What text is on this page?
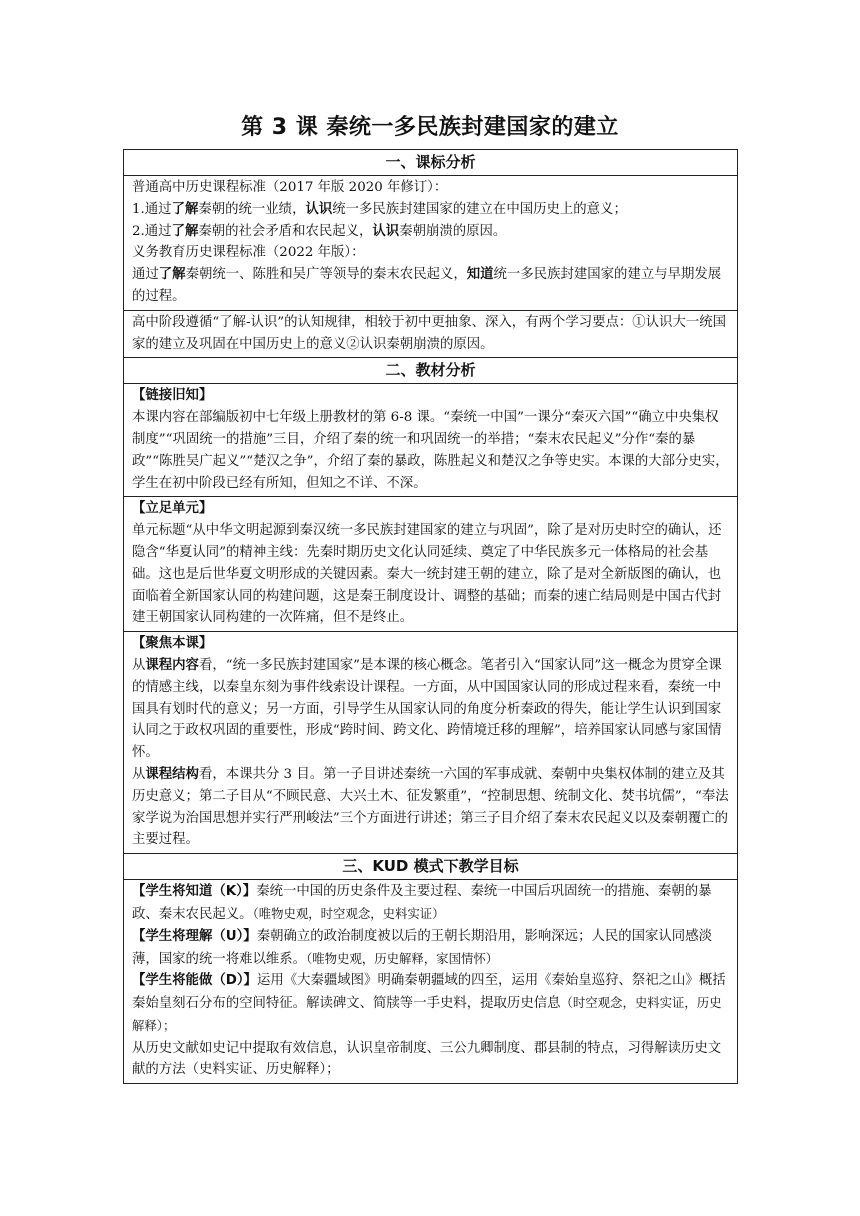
第 3 课 秦统一多民族封建国家的建立
一、课标分析

普通高中历史课程标准（2017 年版 2020 年修订）：

1.通过了解秦朝的统一业绩，认识统一多民族封建国家的建立在中国历史上的意义；

2.通过了解秦朝的社会矛盾和农民起义，认识秦朝崩溃的原因。

义务教育历史课程标准（2022 年版）：

通过了解秦朝统一、陈胜和吴广等领导的秦末农民起义，知道统一多民族封建国家的建立与早期发展的过程。

高中阶段遵循“了解-认识”的认知规律，相较于初中更抽象、深入，有两个学习要点：①认识大一统国家的建立及巩固在中国历史上的意义②认识秦朝崩溃的原因。
二、教材分析

【链接旧知】

本课内容在部编版初中七年级上册教材的第 6-8 课。“秦统一中国”一课分“秦灭六国”“确立中央集权制度”“巩固统一的措施”三目，介绍了秦的统一和巩固统一的举措；“秦末农民起义”分作“秦的暴政”“陈胜吴广起义”“楚汉之争”，介绍了秦的暴政，陈胜起义和楚汉之争等史实。本课的大部分史实，学生在初中阶段已经有所知，但知之不详、不深。

【立足单元】

单元标题“从中华文明起源到秦汉统一多民族封建国家的建立与巩固”，除了是对历史时空的确认，还隐含“华夏认同”的精神主线：先秦时期历史文化认同延续、奠定了中华民族多元一体格局的社会基础。这也是后世华夏文明形成的关键因素。秦大一统封建王朝的建立，除了是对全新版图的确认，也面临着全新国家认同的构建问题，这是秦王制度设计、调整的基础；而秦的速亡结局则是中国古代封建王朝国家认同构建的一次阵痛，但不是终止。

【聚焦本课】

从课程内容看，“统一多民族封建国家”是本课的核心概念。笔者引入“国家认同”这一概念为贯穿全课的情感主线，以秦皇东刻为事件线索设计课程。一方面，从中国国家认同的形成过程来看，秦统一中国具有划时代的意义；另一方面，引导学生从国家认同的角度分析秦政的得失，能让学生认识到国家认同之于政权巩固的重要性，形成“跨时间、跨文化、跨情境迁移的理解”，培养国家认同感与家国情怀。

从课程结构看，本课共分 3 目。第一子目讲述秦统一六国的军事成就、秦朝中央集权体制的建立及其历史意义；第二子目从“不顾民意、大兴土木、征发繁重”，“控制思想、统制文化、焚书坑儒”，“奉法家学说为治国思想并实行严刑峻法”三个方面进行讲述；第三子目介绍了秦末农民起义以及秦朝覆亡的主要过程。

三、KUD 模式下教学目标

【学生将知道（K）】秦统一中国的历史条件及主要过程、秦统一中国后巩固统一的措施、秦朝的暴政、秦末农民起义。（唯物史观，时空观念，史料实证）

【学生将理解（U）】秦朝确立的政治制度被以后的王朝长期沿用，影响深远；人民的国家认同感淡薄，国家的统一将难以维系。（唯物史观，历史解释，家国情怀）

【学生将能做（D）】运用《大秦疆域图》明确秦朝疆域的四至，运用《秦始皇巡狩、祭祀之山》概括秦始皇刻石分布的空间特征。解读碑文、简牍等一手史料，提取历史信息（时空观念，史料实证，历史解释）；

从历史文献如史记中提取有效信息，认识皇帝制度、三公九卿制度、郡县制的特点，习得解读历史文献的方法（史料实证、历史解释）；
